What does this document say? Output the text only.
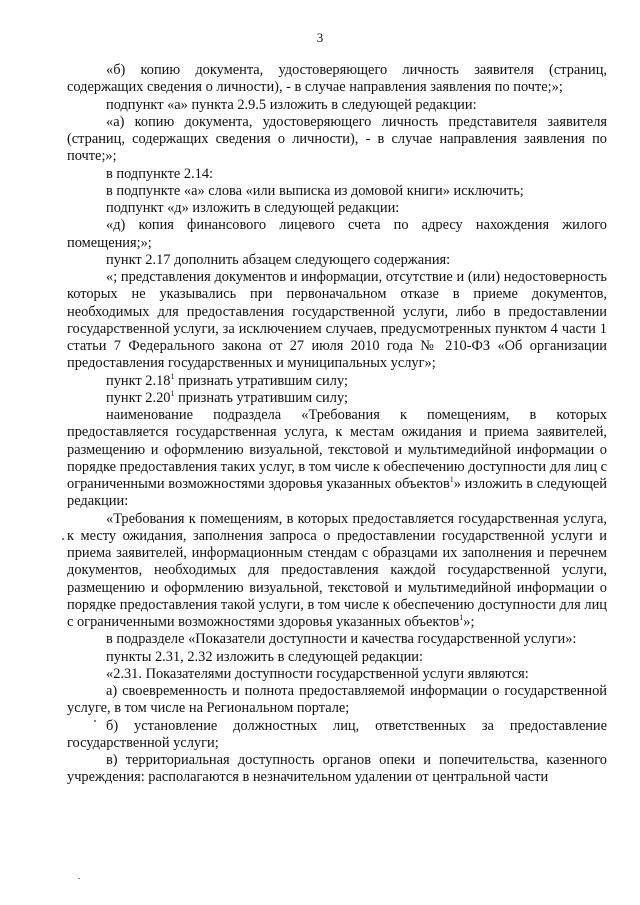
3

«б) копию документа, удостоверяющего личность заявителя (страниц, содержащих сведения о личности), - в случае направления заявления по почте;»;

подпункт «а» пункта 2.9.5 изложить в следующей редакции:

«а) копию документа, удостоверяющего личность представителя заявителя (страниц, содержащих сведения о личности), - в случае направления заявления по почте;»;

в подпункте 2.14:

в подпункте «а» слова «или выписка из домовой книги» исключить;

подпункт «д» изложить в следующей редакции:

«д) копия финансового лицевого счета по адресу нахождения жилого помещения;»;

пункт 2.17 дополнить абзацем следующего содержания:

«; представления документов и информации, отсутствие и (или) недостоверность которых не указывались при первоначальном отказе в приеме документов, необходимых для предоставления государственной услуги, либо в предоставлении государственной услуги, за исключением случаев, предусмотренных пунктом 4 части 1 статьи 7 Федерального закона от 27 июля 2010 года № 210-ФЗ «Об организации предоставления государственных и муниципальных услуг»;

пункт 2.18$^1$ признать утратившим силу;

пункт 2.20$^1$ признать утратившим силу;

наименование подраздела «Требования к помещениям, в которых предоставляется государственная услуга, к местам ожидания и приема заявителей, размещению и оформлению визуальной, текстовой и мультимедийной информации о порядке предоставления таких услуг, в том числе к обеспечению доступности для лиц с ограниченными возможностями здоровья указанных объектов$^1$» изложить в следующей редакции:

«Требования к помещениям, в которых предоставляется государственная услуга, к месту ожидания, заполнения запроса о предоставлении государственной услуги и приема заявителей, информационным стендам с образцами их заполнения и перечнем документов, необходимых для предоставления каждой государственной услуги, размещению и оформлению визуальной, текстовой и мультимедийной информации о порядке предоставления такой услуги, в том числе к обеспечению доступности для лиц с ограниченными возможностями здоровья указанных объектов$^1$»;

в подразделе «Показатели доступности и качества государственной услуги»:

пункты 2.31, 2.32 изложить в следующей редакции:

«2.31. Показателями доступности государственной услуги являются:

а) своевременность и полнота предоставляемой информации о государственной услуге, в том числе на Региональном портале;

б) установление должностных лиц, ответственных за предоставление государственной услуги;

в) территориальная доступность органов опеки и попечительства, казенного учреждения: располагаются в незначительном удалении от центральной части
